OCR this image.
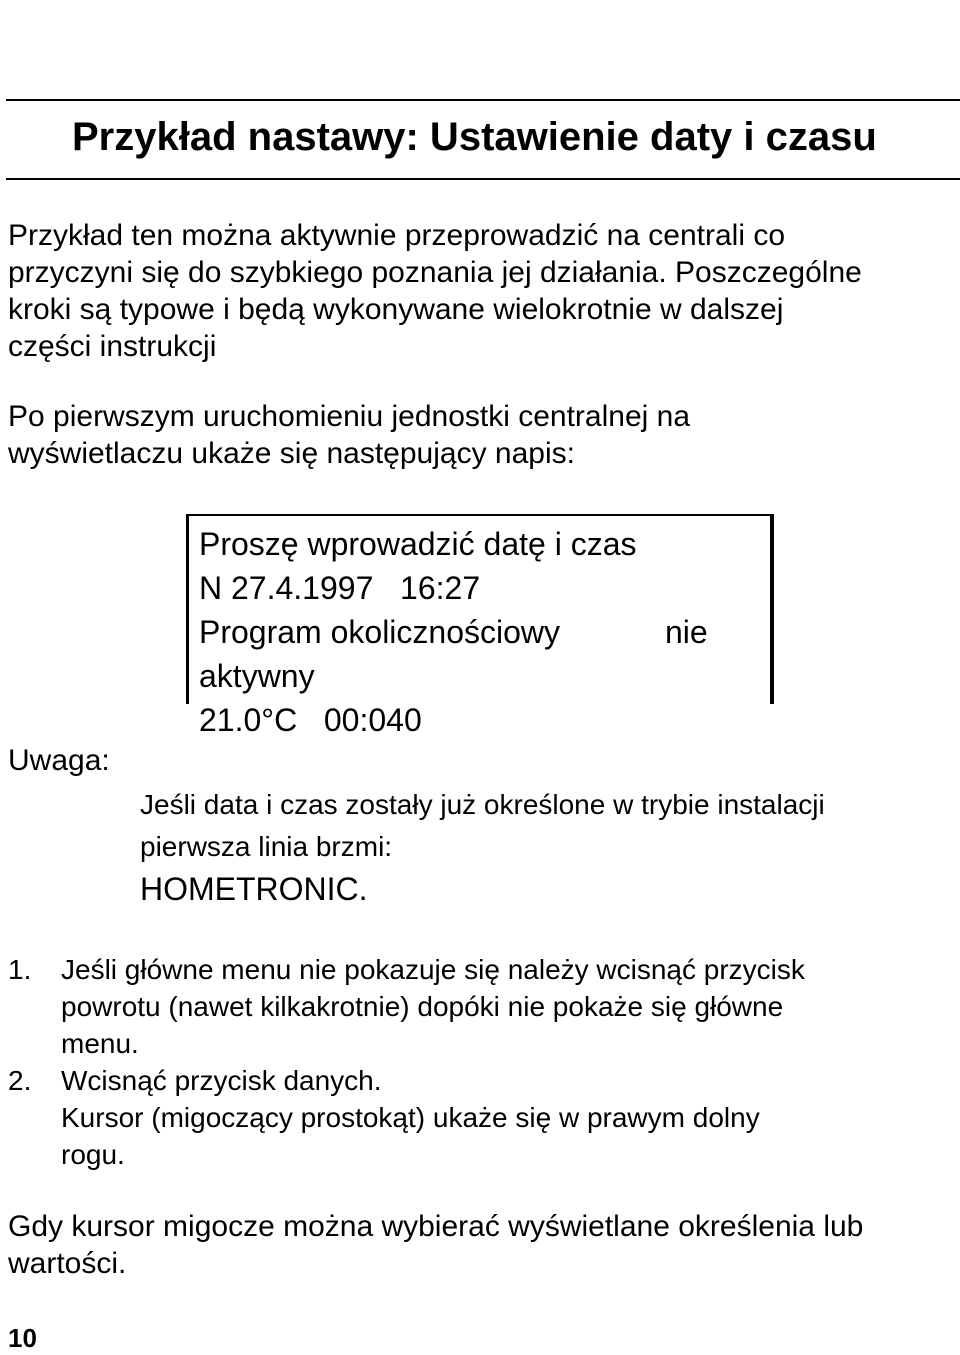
Przykład nastawy: Ustawienie daty i czasu
Przykład ten można aktywnie przeprowadzić na centrali co
przyczyni się do szybkiego poznania jej działania. Poszczególne
kroki są typowe i będą wykonywane wielokrotnie w dalszej
części instrukcji
Po pierwszym uruchomieniu jednostki centralnej na
wyświetlaczu ukaże się następujący napis:
Proszę wprowadzić datę i czas
N 27.4.1997   16:27
Program okolicznościowy	nie
aktywny
21.0°C   00:040
Uwaga:
Jeśli data i czas zostały już określone w trybie instalacji
pierwsza linia brzmi:
HOMETRONIC.
1. Jeśli główne menu nie pokazuje się należy wcisnąć przycisk
powrotu (nawet kilkakrotnie) dopóki nie pokaże się główne
menu.
2. Wcisnąć przycisk danych.
Kursor (migoczący prostokąt) ukaże się w prawym dolny
rogu.
Gdy kursor migocze można wybierać wyświetlane określenia lub
wartości.
10
